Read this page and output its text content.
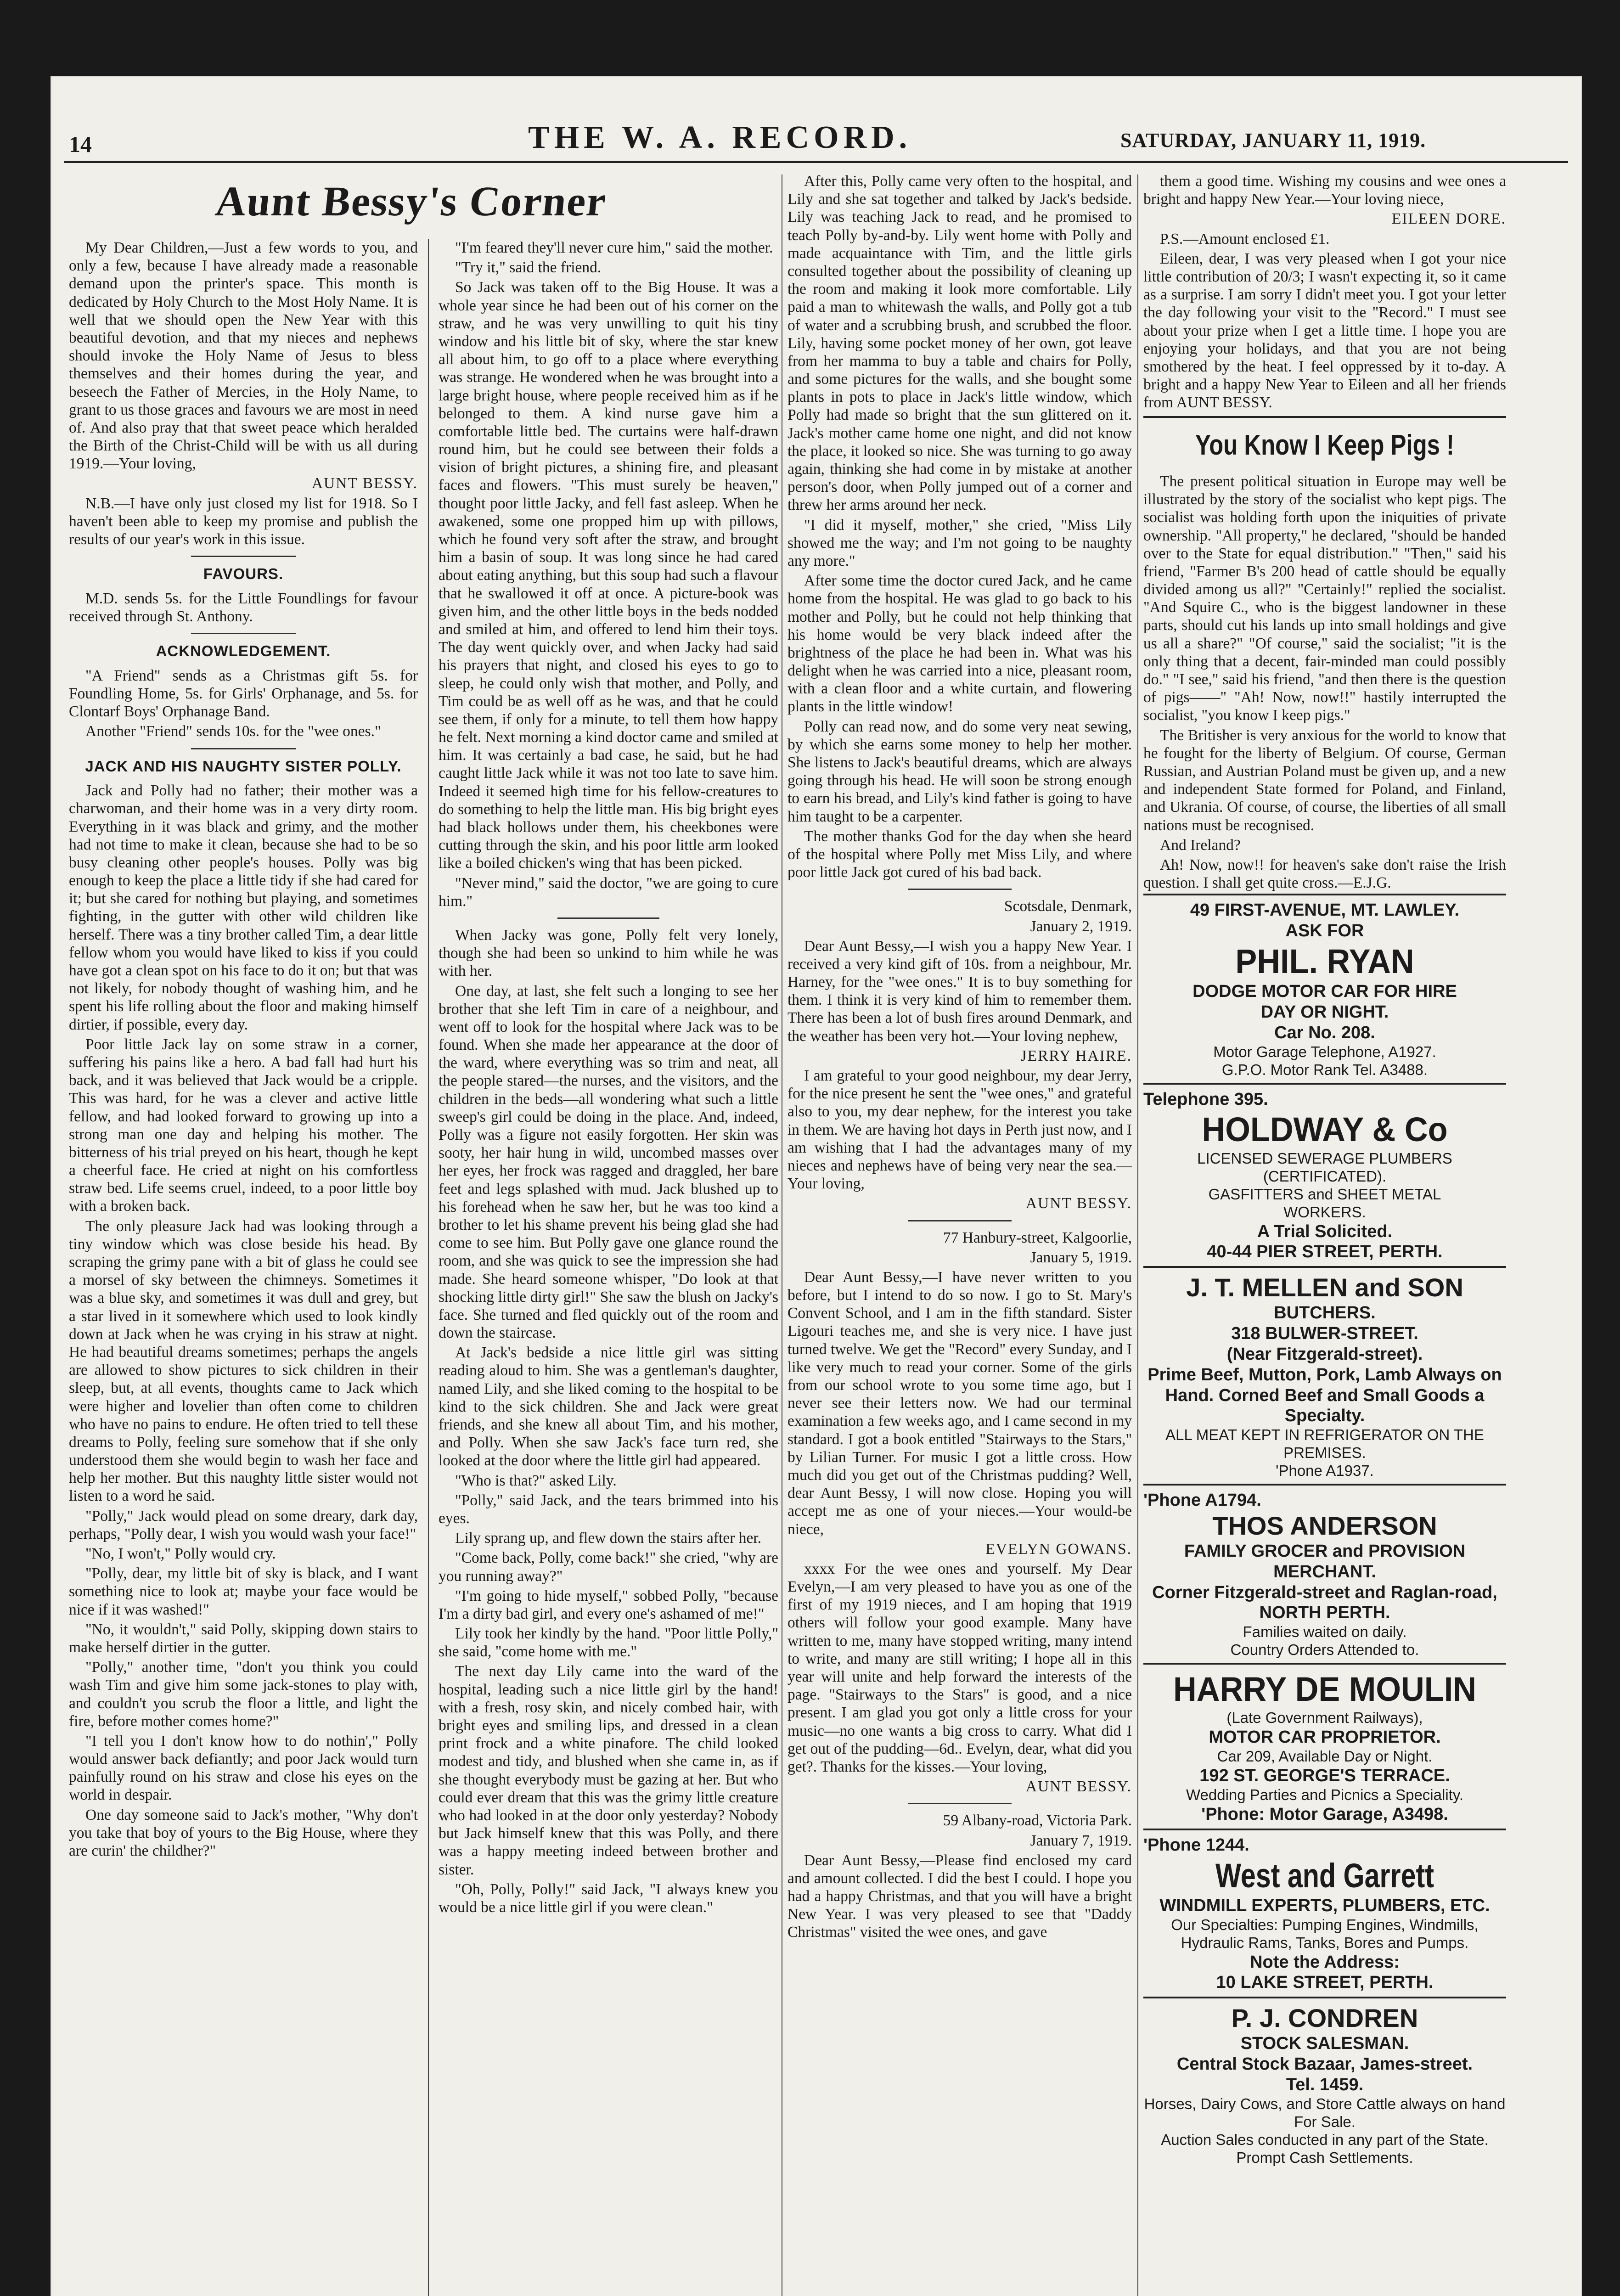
14	THE W. A. RECORD.	SATURDAY, JANUARY 11, 1919.
Aunt Bessy's Corner

My Dear Children,—Just a few words to you, and only a few, because I have already made a reasonable demand upon the printer's space. This month is dedicated by Holy Church to the Most Holy Name. It is well that we should open the New Year with this beautiful devotion, and that my nieces and nephews should invoke the Holy Name of Jesus to bless themselves and their homes during the year, and beseech the Father of Mercies, in the Holy Name, to grant to us those graces and favours we are most in need of. And also pray that that sweet peace which heralded the Birth of the Christ-Child will be with us all during 1919.—Your loving,

AUNT BESSY.

N.B.—I have only just closed my list for 1918. So I haven't been able to keep my promise and publish the results of our year's work in this issue.

FAVOURS.

M.D. sends 5s. for the Little Foundlings for favour received through St. Anthony.

ACKNOWLEDGEMENT.

"A Friend" sends as a Christmas gift 5s. for Foundling Home, 5s. for Girls' Orphanage, and 5s. for Clontarf Boys' Orphanage Band.

Another "Friend" sends 10s. for the "wee ones."

JACK AND HIS NAUGHTY SISTER POLLY.

Jack and Polly had no father; their mother was a charwoman, and their home was in a very dirty room. Everything in it was black and grimy, and the mother had not time to make it clean, because she had to be so busy cleaning other people's houses. Polly was big enough to keep the place a little tidy if she had cared for it; but she cared for nothing but playing, and sometimes fighting, in the gutter with other wild children like herself. There was a tiny brother called Tim, a dear little fellow whom you would have liked to kiss if you could have got a clean spot on his face to do it on; but that was not likely, for nobody thought of washing him, and he spent his life rolling about the floor and making himself dirtier, if possible, every day.

Poor little Jack lay on some straw in a corner, suffering his pains like a hero. A bad fall had hurt his back, and it was believed that Jack would be a cripple. This was hard, for he was a clever and active little fellow, and had looked forward to growing up into a strong man one day and helping his mother. The bitterness of his trial preyed on his heart, though he kept a cheerful face. He cried at night on his comfortless straw bed. Life seems cruel, indeed, to a poor little boy with a broken back.

The only pleasure Jack had was looking through a tiny window which was close beside his head. By scraping the grimy pane with a bit of glass he could see a morsel of sky between the chimneys. Sometimes it was a blue sky, and sometimes it was dull and grey, but a star lived in it somewhere which used to look kindly down at Jack when he was crying in his straw at night. He had beautiful dreams sometimes; perhaps the angels are allowed to show pictures to sick children in their sleep, but, at all events, thoughts came to Jack which were higher and lovelier than often come to children who have no pains to endure. He often tried to tell these dreams to Polly, feeling sure somehow that if she only understood them she would begin to wash her face and help her mother. But this naughty little sister would not listen to a word he said.

"Polly," Jack would plead on some dreary, dark day, perhaps, "Polly dear, I wish you would wash your face!"

"No, I won't," Polly would cry.

"Polly, dear, my little bit of sky is black, and I want something nice to look at; maybe your face would be nice if it was washed!"

"No, it wouldn't," said Polly, skipping down stairs to make herself dirtier in the gutter.

"Polly," another time, "don't you think you could wash Tim and give him some jack-stones to play with, and couldn't you scrub the floor a little, and light the fire, before mother comes home?"

"I tell you I don't know how to do nothin'," Polly would answer back defiantly; and poor Jack would turn painfully round on his straw and close his eyes on the world in despair.

One day someone said to Jack's mother, "Why don't you take that boy of yours to the Big House, where they are curin' the childher?"

"I'm feared they'll never cure him," said the mother.

"Try it," said the friend.

So Jack was taken off to the Big House. It was a whole year since he had been out of his corner on the straw, and he was very unwilling to quit his tiny window and his little bit of sky, where the star knew all about him, to go off to a place where everything was strange. He wondered when he was brought into a large bright house, where people received him as if he belonged to them. A kind nurse gave him a comfortable little bed. The curtains were half-drawn round him, but he could see between their folds a vision of bright pictures, a shining fire, and pleasant faces and flowers. "This must surely be heaven," thought poor little Jacky, and fell fast asleep. When he awakened, some one propped him up with pillows, which he found very soft after the straw, and brought him a basin of soup. It was long since he had cared about eating anything, but this soup had such a flavour that he swallowed it off at once. A picture-book was given him, and the other little boys in the beds nodded and smiled at him, and offered to lend him their toys. The day went quickly over, and when Jacky had said his prayers that night, and closed his eyes to go to sleep, he could only wish that mother, and Polly, and Tim could be as well off as he was, and that he could see them, if only for a minute, to tell them how happy he felt. Next morning a kind doctor came and smiled at him. It was certainly a bad case, he said, but he had caught little Jack while it was not too late to save him. Indeed it seemed high time for his fellow-creatures to do something to help the little man. His big bright eyes had black hollows under them, his cheekbones were cutting through the skin, and his poor little arm looked like a boiled chicken's wing that has been picked.

"Never mind," said the doctor, "we are going to cure him."

When Jacky was gone, Polly felt very lonely, though she had been so unkind to him while he was with her.

One day, at last, she felt such a longing to see her brother that she left Tim in care of a neighbour, and went off to look for the hospital where Jack was to be found. When she made her appearance at the door of the ward, where everything was so trim and neat, all the people stared—the nurses, and the visitors, and the children in the beds—all wondering what such a little sweep's girl could be doing in the place. And, indeed, Polly was a figure not easily forgotten. Her skin was sooty, her hair hung in wild, uncombed masses over her eyes, her frock was ragged and draggled, her bare feet and legs splashed with mud. Jack blushed up to his forehead when he saw her, but he was too kind a brother to let his shame prevent his being glad she had come to see him. But Polly gave one glance round the room, and she was quick to see the impression she had made. She heard someone whisper, "Do look at that shocking little dirty girl!" She saw the blush on Jacky's face. She turned and fled quickly out of the room and down the staircase.

At Jack's bedside a nice little girl was sitting reading aloud to him. She was a gentleman's daughter, named Lily, and she liked coming to the hospital to be kind to the sick children. She and Jack were great friends, and she knew all about Tim, and his mother, and Polly. When she saw Jack's face turn red, she looked at the door where the little girl had appeared.

"Who is that?" asked Lily.

"Polly," said Jack, and the tears brimmed into his eyes.

Lily sprang up, and flew down the stairs after her.

"Come back, Polly, come back!" she cried, "why are you running away?"

"I'm going to hide myself," sobbed Polly, "because I'm a dirty bad girl, and every one's ashamed of me!"

Lily took her kindly by the hand. "Poor little Polly," she said, "come home with me."

The next day Lily came into the ward of the hospital, leading such a nice little girl by the hand! with a fresh, rosy skin, and nicely combed hair, with bright eyes and smiling lips, and dressed in a clean print frock and a white pinafore. The child looked modest and tidy, and blushed when she came in, as if she thought everybody must be gazing at her. But who could ever dream that this was the grimy little creature who had looked in at the door only yesterday? Nobody but Jack himself knew that this was Polly, and there was a happy meeting indeed between brother and sister.

"Oh, Polly, Polly!" said Jack, "I always knew you would be a nice little girl if you were clean."

After this, Polly came very often to the hospital, and Lily and she sat together and talked by Jack's bedside. Lily was teaching Jack to read, and he promised to teach Polly by-and-by. Lily went home with Polly and made acquaintance with Tim, and the little girls consulted together about the possibility of cleaning up the room and making it look more comfortable. Lily paid a man to whitewash the walls, and Polly got a tub of water and a scrubbing brush, and scrubbed the floor. Lily, having some pocket money of her own, got leave from her mamma to buy a table and chairs for Polly, and some pictures for the walls, and she bought some plants in pots to place in Jack's little window, which Polly had made so bright that the sun glittered on it. Jack's mother came home one night, and did not know the place, it looked so nice. She was turning to go away again, thinking she had come in by mistake at another person's door, when Polly jumped out of a corner and threw her arms around her neck.

"I did it myself, mother," she cried, "Miss Lily showed me the way; and I'm not going to be naughty any more."

After some time the doctor cured Jack, and he came home from the hospital. He was glad to go back to his mother and Polly, but he could not help thinking that his home would be very black indeed after the brightness of the place he had been in. What was his delight when he was carried into a nice, pleasant room, with a clean floor and a white curtain, and flowering plants in the little window!

Polly can read now, and do some very neat sewing, by which she earns some money to help her mother. She listens to Jack's beautiful dreams, which are always going through his head. He will soon be strong enough to earn his bread, and Lily's kind father is going to have him taught to be a carpenter.

The mother thanks God for the day when she heard of the hospital where Polly met Miss Lily, and where poor little Jack got cured of his bad back.

Scotsdale, Denmark,

January 2, 1919.

Dear Aunt Bessy,—I wish you a happy New Year. I received a very kind gift of 10s. from a neighbour, Mr. Harney, for the "wee ones." It is to buy something for them. I think it is very kind of him to remember them. There has been a lot of bush fires around Denmark, and the weather has been very hot.—Your loving nephew,

JERRY HAIRE.

I am grateful to your good neighbour, my dear Jerry, for the nice present he sent the "wee ones," and grateful also to you, my dear nephew, for the interest you take in them. We are having hot days in Perth just now, and I am wishing that I had the advantages many of my nieces and nephews have of being very near the sea.—Your loving,

AUNT BESSY.

77 Hanbury-street, Kalgoorlie,

January 5, 1919.

Dear Aunt Bessy,—I have never written to you before, but I intend to do so now. I go to St. Mary's Convent School, and I am in the fifth standard. Sister Ligouri teaches me, and she is very nice. I have just turned twelve. We get the "Record" every Sunday, and I like very much to read your corner. Some of the girls from our school wrote to you some time ago, but I never see their letters now. We had our terminal examination a few weeks ago, and I came second in my standard. I got a book entitled "Stairways to the Stars," by Lilian Turner. For music I got a little cross. How much did you get out of the Christmas pudding? Well, dear Aunt Bessy, I will now close. Hoping you will accept me as one of your nieces.—Your would-be niece,

EVELYN GOWANS.

xxxx For the wee ones and yourself. My Dear Evelyn,—I am very pleased to have you as one of the first of my 1919 nieces, and I am hoping that 1919 others will follow your good example. Many have written to me, many have stopped writing, many intend to write, and many are still writing; I hope all in this year will unite and help forward the interests of the page. "Stairways to the Stars" is good, and a nice present. I am glad you got only a little cross for your music—no one wants a big cross to carry. What did I get out of the pudding—6d.. Evelyn, dear, what did you get?. Thanks for the kisses.—Your loving,

AUNT BESSY.

59 Albany-road, Victoria Park.

January 7, 1919.

Dear Aunt Bessy,—Please find enclosed my card and amount collected. I did the best I could. I hope you had a happy Christmas, and that you will have a bright New Year. I was very pleased to see that "Daddy Christmas" visited the wee ones, and gave

them a good time. Wishing my cousins and wee ones a bright and happy New Year.—Your loving niece,

EILEEN DORE.

P.S.—Amount enclosed £1.

Eileen, dear, I was very pleased when I got your nice little contribution of 20/3; I wasn't expecting it, so it came as a surprise. I am sorry I didn't meet you. I got your letter the day following your visit to the "Record." I must see about your prize when I get a little time. I hope you are enjoying your holidays, and that you are not being smothered by the heat. I feel oppressed by it to-day. A bright and a happy New Year to Eileen and all her friends from AUNT BESSY.

You Know I Keep Pigs !

The present political situation in Europe may well be illustrated by the story of the socialist who kept pigs. The socialist was holding forth upon the iniquities of private ownership. "All property," he declared, "should be handed over to the State for equal distribution." "Then," said his friend, "Farmer B's 200 head of cattle should be equally divided among us all?" "Certainly!" replied the socialist. "And Squire C., who is the biggest landowner in these parts, should cut his lands up into small holdings and give us all a share?" "Of course," said the socialist; "it is the only thing that a decent, fair-minded man could possibly do." "I see," said his friend, "and then there is the question of pigs——" "Ah! Now, now!!" hastily interrupted the socialist, "you know I keep pigs."

The Britisher is very anxious for the world to know that he fought for the liberty of Belgium. Of course, German Russian, and Austrian Poland must be given up, and a new and independent State formed for Poland, and Finland, and Ukrania. Of course, of course, the liberties of all small nations must be recognised.

And Ireland?

Ah! Now, now!! for heaven's sake don't raise the Irish question. I shall get quite cross.—E.J.G.

49 FIRST-AVENUE, MT. LAWLEY.
ASK FOR
PHIL. RYAN
DODGE MOTOR CAR FOR HIRE
DAY OR NIGHT.
Car No. 208.
Motor Garage Telephone, A1927.
G.P.O. Motor Rank Tel. A3488.
Telephone 395.
HOLDWAY & Co
LICENSED SEWERAGE PLUMBERS
(CERTIFICATED).
GASFITTERS and SHEET METAL
WORKERS.
A Trial Solicited.
40-44 PIER STREET, PERTH.
J. T. MELLEN and SON
BUTCHERS.
318 BULWER-STREET.
(Near Fitzgerald-street).
Prime Beef, Mutton, Pork, Lamb Always on Hand. Corned Beef and Small Goods a Specialty.
ALL MEAT KEPT IN REFRIGERATOR ON THE PREMISES.
'Phone A1937.
'Phone A1794.
THOS ANDERSON
FAMILY GROCER and PROVISION MERCHANT.
Corner Fitzgerald-street and Raglan-road, NORTH PERTH.
Families waited on daily.
Country Orders Attended to.
HARRY DE MOULIN
(Late Government Railways),
MOTOR CAR PROPRIETOR.
Car 209, Available Day or Night.
192 ST. GEORGE'S TERRACE.
Wedding Parties and Picnics a Speciality.
'Phone: Motor Garage, A3498.
'Phone 1244.
West and Garrett
WINDMILL EXPERTS, PLUMBERS, ETC.
Our Specialties: Pumping Engines, Windmills, Hydraulic Rams, Tanks, Bores and Pumps.
Note the Address:
10 LAKE STREET, PERTH.
P. J. CONDREN
STOCK SALESMAN.
Central Stock Bazaar, James-street.
Tel. 1459.
Horses, Dairy Cows, and Store Cattle always on hand For Sale.
Auction Sales conducted in any part of the State.
Prompt Cash Settlements.
